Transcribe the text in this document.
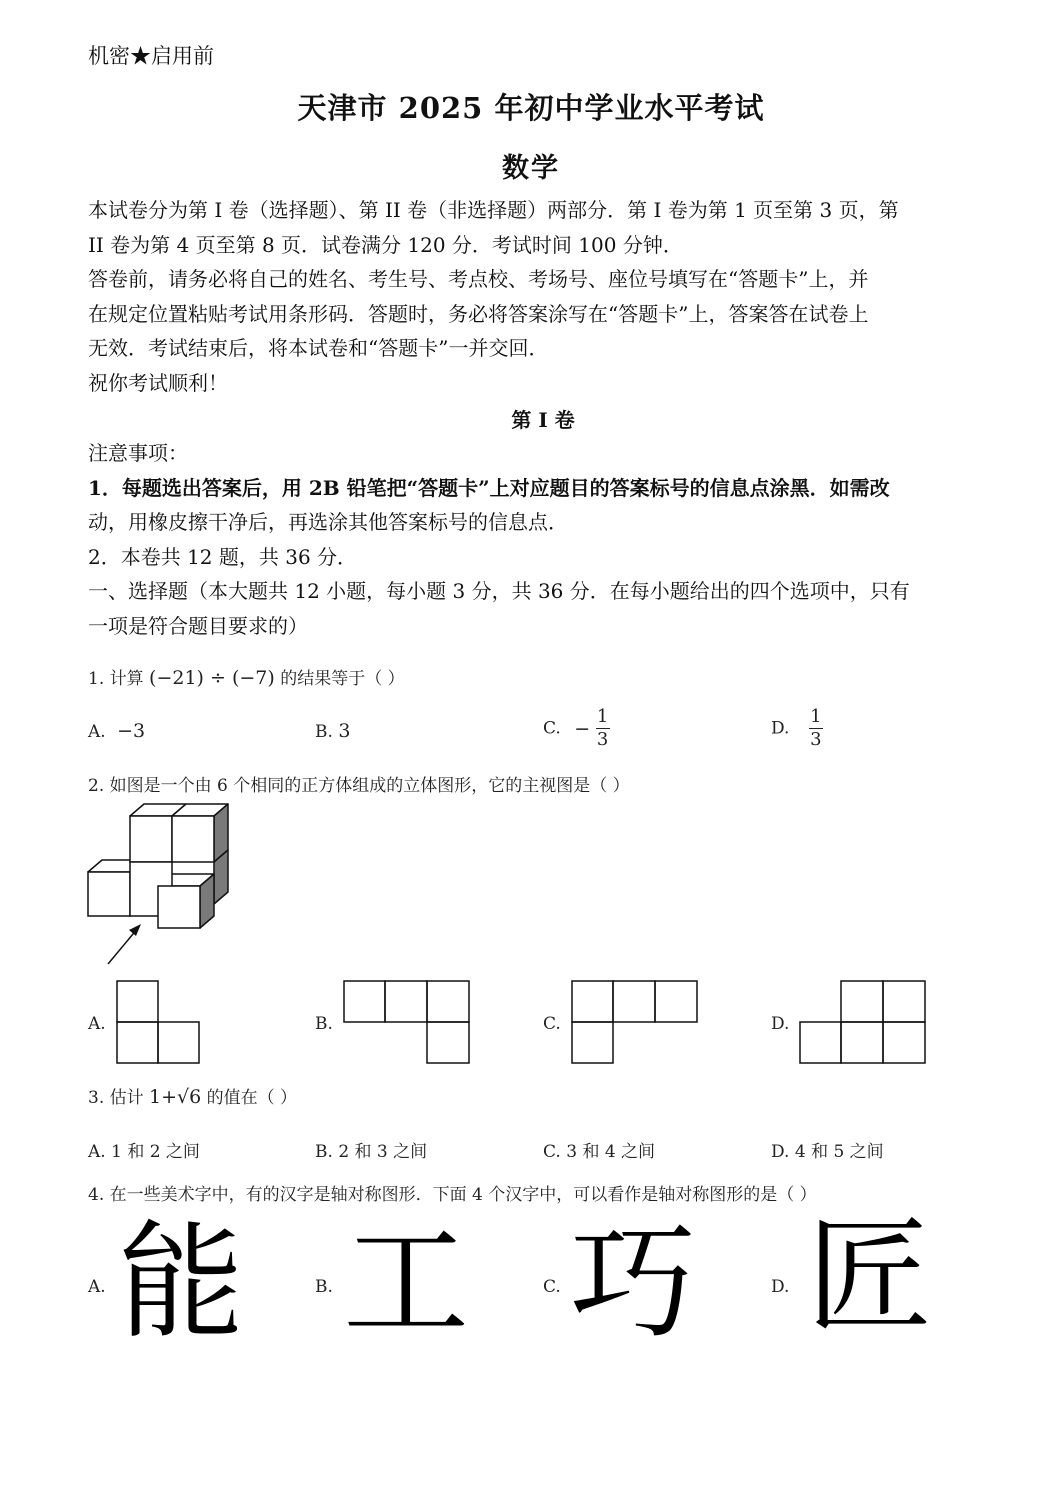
机密★启用前
天津市 2025 年初中学业水平考试
数学
本试卷分为第 I 卷（选择题）、第 II 卷（非选择题）两部分．第 I 卷为第 1 页至第 3 页，第
II 卷为第 4 页至第 8 页．试卷满分 120 分．考试时间 100 分钟．
答卷前，请务必将自己的姓名、考生号、考点校、考场号、座位号填写在“答题卡”上，并
在规定位置粘贴考试用条形码．答题时，务必将答案涂写在“答题卡”上，答案答在试卷上
无效．考试结束后，将本试卷和“答题卡”一并交回．
祝你考试顺利！
第 I 卷
注意事项：
1．每题选出答案后，用 2B 铅笔把“答题卡”上对应题目的答案标号的信息点涂黑．如需改
动，用橡皮擦干净后，再选涂其他答案标号的信息点．
2．本卷共 12 题，共 36 分．
一、选择题（本大题共 12 小题，每小题 3 分，共 36 分．在每小题给出的四个选项中，只有
一项是符合题目要求的）
1. 计算 (−21) ÷ (−7) 的结果等于（ ）
A. −3	B. 3	C. − $\frac{1}{3}$	D. $\frac{1}{3}$
2. 如图是一个由 6 个相同的正方体组成的立体图形，它的主视图是（ ）
A.	B.	C.	D.
3. 估计 1+√6 的值在（ ）
A. 1 和 2 之间	B. 2 和 3 之间	C. 3 和 4 之间	D. 4 和 5 之间
4. 在一些美术字中，有的汉字是轴对称图形．下面 4 个汉字中，可以看作是轴对称图形的是（ ）
A. 能	B. 工	C. 巧	D. 匠
